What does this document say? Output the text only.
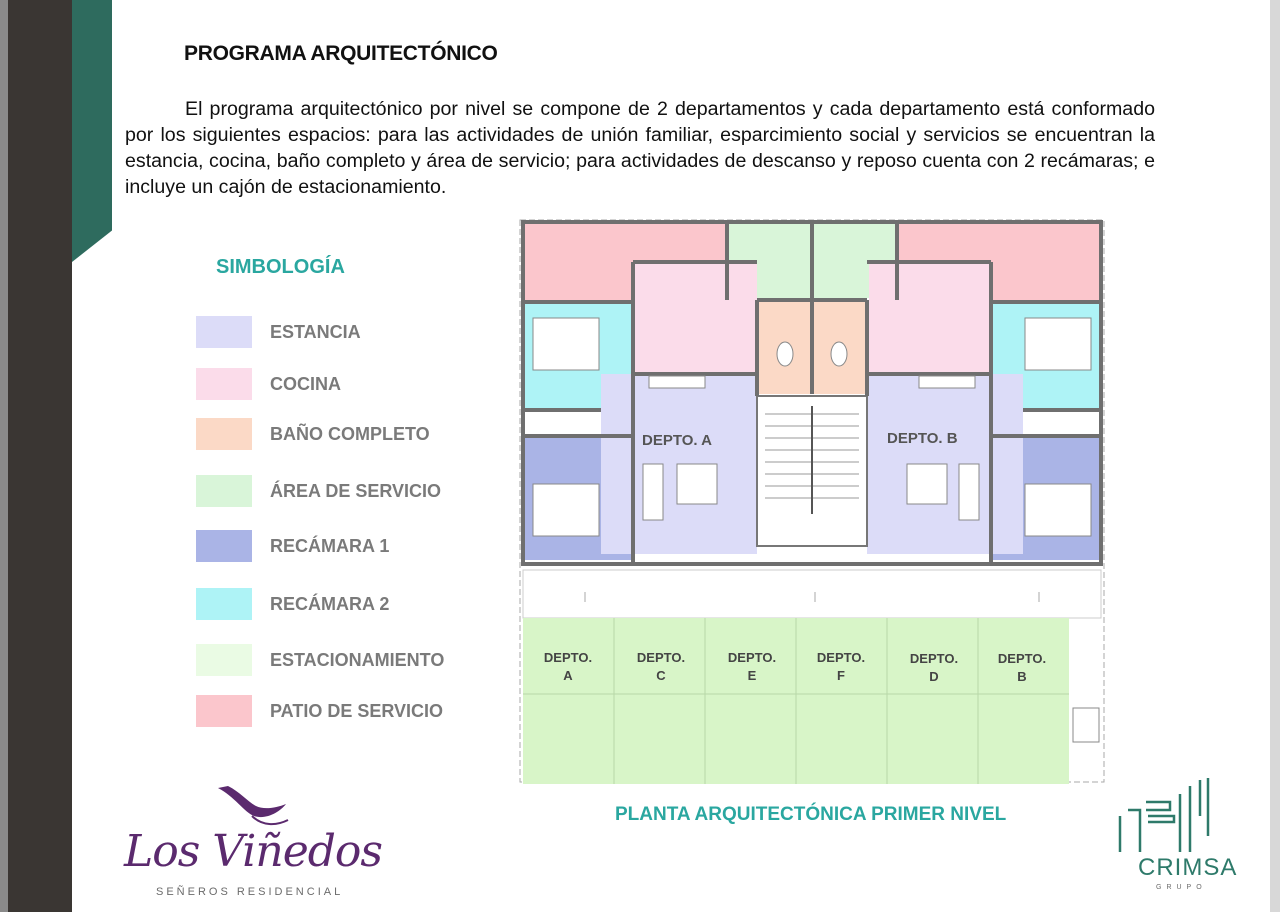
PROGRAMA ARQUITECTÓNICO

El programa arquitectónico por nivel se compone de 2 departamentos y cada departamento está conformado por los siguientes espacios: para las actividades de unión familiar, esparcimiento social y servicios se encuentran la estancia, cocina, baño completo y área de servicio; para actividades de descanso y reposo cuenta con 2 recámaras; e incluye un cajón de estacionamiento.

SIMBOLOGÍA
ESTANCIA
COCINA
BAÑO COMPLETO
ÁREA DE SERVICIO
RECÁMARA 1
RECÁMARA 2
ESTACIONAMIENTO
PATIO DE SERVICIO
DEPTO. A	DEPTO. B
DEPTO.
A
DEPTO.
C
DEPTO.
E
DEPTO.
F
DEPTO.
D
DEPTO.
B
PLANTA ARQUITECTÓNICA PRIMER NIVEL
Los Viñedos
SEÑEROS RESIDENCIAL
CRIMSA
GRUPO
